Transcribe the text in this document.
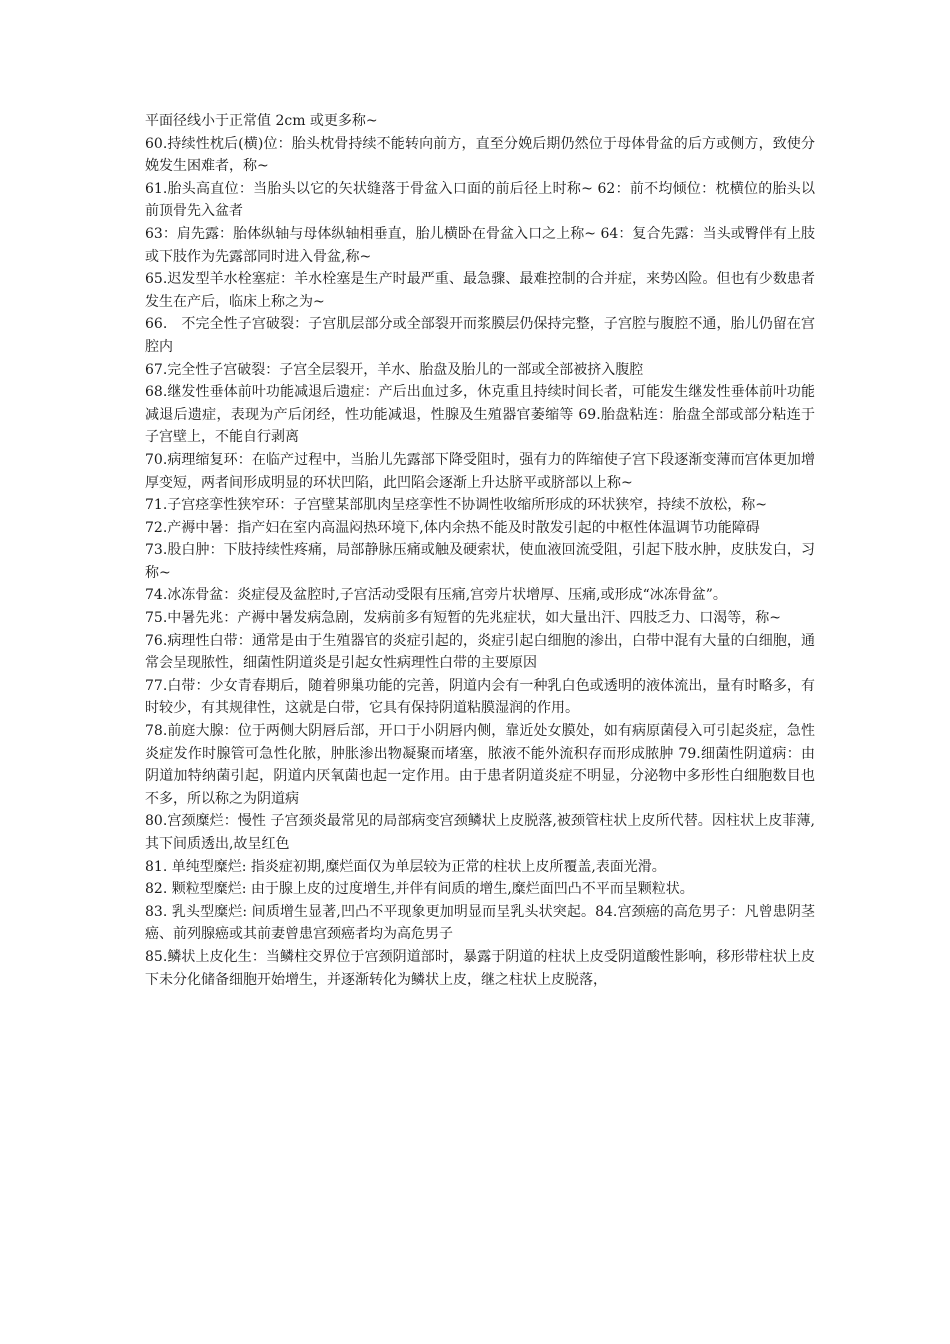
平面径线小于正常值 2cm 或更多称~

60.持续性枕后(横)位：胎头枕骨持续不能转向前方，直至分娩后期仍然位于母体骨盆的后方或侧方，致使分娩发生困难者，称~

61.胎头高直位：当胎头以它的矢状缝落于骨盆入口面的前后径上时称~ 62：前不均倾位：枕横位的胎头以前顶骨先入盆者

63：肩先露：胎体纵轴与母体纵轴相垂直，胎儿横卧在骨盆入口之上称~ 64：复合先露：当头或臀伴有上肢或下肢作为先露部同时进入骨盆,称~

65.迟发型羊水栓塞症：羊水栓塞是生产时最严重、最急骤、最难控制的合并症，来势凶险。但也有少数患者发生在产后，临床上称之为~

66.　不完全性子宫破裂：子宫肌层部分或全部裂开而浆膜层仍保持完整，子宫腔与腹腔不通，胎儿仍留在宫腔内

67.完全性子宫破裂：子宫全层裂开，羊水、胎盘及胎儿的一部或全部被挤入腹腔

68.继发性垂体前叶功能减退后遗症：产后出血过多，休克重且持续时间长者，可能发生继发性垂体前叶功能减退后遗症，表现为产后闭经，性功能减退，性腺及生殖器官萎缩等 69.胎盘粘连：胎盘全部或部分粘连于子宫壁上，不能自行剥离

70.病理缩复环：在临产过程中，当胎儿先露部下降受阻时，强有力的阵缩使子宫下段逐渐变薄而宫体更加增厚变短，两者间形成明显的环状凹陷，此凹陷会逐渐上升达脐平或脐部以上称~

71.子宫痉挛性狭窄环：子宫壁某部肌肉呈痉挛性不协调性收缩所形成的环状狭窄，持续不放松，称~

72.产褥中暑：指产妇在室内高温闷热环境下,体内余热不能及时散发引起的中枢性体温调节功能障碍

73.股白肿：下肢持续性疼痛，局部静脉压痛或触及硬索状，使血液回流受阻，引起下肢水肿，皮肤发白，习称~

74.冰冻骨盆：炎症侵及盆腔时,子宫活动受限有压痛,宫旁片状增厚、压痛,或形成“冰冻骨盆”。

75.中暑先兆：产褥中暑发病急剧，发病前多有短暂的先兆症状，如大量出汗、四肢乏力、口渴等，称~

76.病理性白带：通常是由于生殖器官的炎症引起的，炎症引起白细胞的渗出，白带中混有大量的白细胞，通常会呈现脓性，细菌性阴道炎是引起女性病理性白带的主要原因

77.白带：少女青春期后，随着卵巢功能的完善，阴道内会有一种乳白色或透明的液体流出，量有时略多，有时较少，有其规律性，这就是白带，它具有保持阴道粘膜湿润的作用。

78.前庭大腺：位于两侧大阴唇后部，开口于小阴唇内侧，靠近处女膜处，如有病原菌侵入可引起炎症，急性炎症发作时腺管可急性化脓，肿胀渗出物凝聚而堵塞，脓液不能外流积存而形成脓肿 79.细菌性阴道病：由阴道加特纳菌引起，阴道内厌氧菌也起一定作用。由于患者阴道炎症不明显，分泌物中多形性白细胞数目也不多，所以称之为阴道病

80.宫颈糜烂：慢性 子宫颈炎最常见的局部病变宫颈鳞状上皮脱落,被颈管柱状上皮所代替。因柱状上皮菲薄,其下间质透出,故呈红色

81. 单纯型糜烂: 指炎症初期,糜烂面仅为单层较为正常的柱状上皮所覆盖,表面光滑。

82. 颗粒型糜烂: 由于腺上皮的过度增生,并伴有间质的增生,糜烂面凹凸不平而呈颗粒状。

83. 乳头型糜烂: 间质增生显著,凹凸不平现象更加明显而呈乳头状突起。84.宫颈癌的高危男子：凡曾患阴茎癌、前列腺癌或其前妻曾患宫颈癌者均为高危男子

85.鳞状上皮化生：当鳞柱交界位于宫颈阴道部时，暴露于阴道的柱状上皮受阴道酸性影响，移形带柱状上皮下未分化储备细胞开始增生，并逐渐转化为鳞状上皮，继之柱状上皮脱落，
